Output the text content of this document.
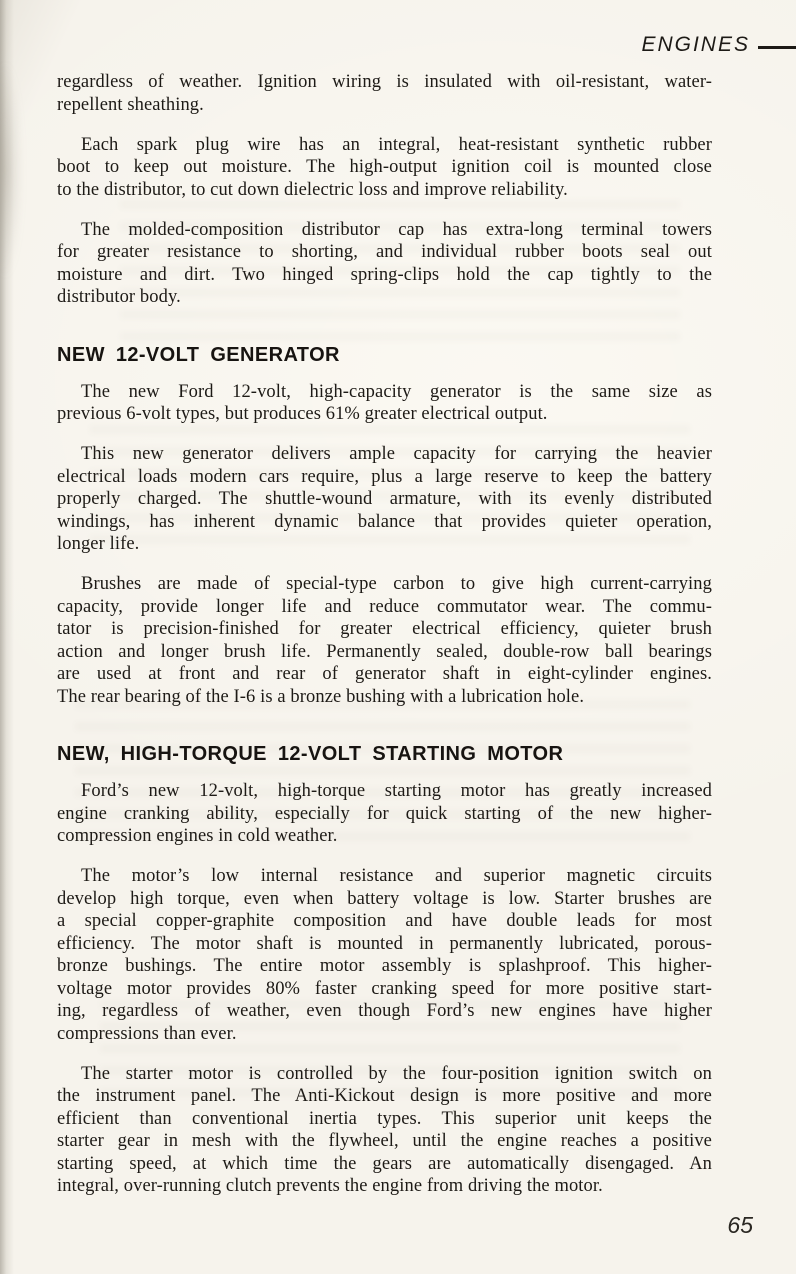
ENGINES
regardless of weather. Ignition wiring is insulated with oil-resistant, water-
repellent sheathing.
Each spark plug wire has an integral, heat-resistant synthetic rubber
boot to keep out moisture. The high-output ignition coil is mounted close
to the distributor, to cut down dielectric loss and improve reliability.
The molded-composition distributor cap has extra-long terminal towers
for greater resistance to shorting, and individual rubber boots seal out
moisture and dirt. Two hinged spring-clips hold the cap tightly to the
distributor body.
NEW 12-VOLT GENERATOR
The new Ford 12-volt, high-capacity generator is the same size as
previous 6-volt types, but produces 61% greater electrical output.
This new generator delivers ample capacity for carrying the heavier
electrical loads modern cars require, plus a large reserve to keep the battery
properly charged. The shuttle-wound armature, with its evenly distributed
windings, has inherent dynamic balance that provides quieter operation,
longer life.
Brushes are made of special-type carbon to give high current-carrying
capacity, provide longer life and reduce commutator wear. The commu-
tator is precision-finished for greater electrical efficiency, quieter brush
action and longer brush life. Permanently sealed, double-row ball bearings
are used at front and rear of generator shaft in eight-cylinder engines.
The rear bearing of the I-6 is a bronze bushing with a lubrication hole.
NEW, HIGH-TORQUE 12-VOLT STARTING MOTOR
Ford’s new 12-volt, high-torque starting motor has greatly increased
engine cranking ability, especially for quick starting of the new higher-
compression engines in cold weather.
The motor’s low internal resistance and superior magnetic circuits
develop high torque, even when battery voltage is low. Starter brushes are
a special copper-graphite composition and have double leads for most
efficiency. The motor shaft is mounted in permanently lubricated, porous-
bronze bushings. The entire motor assembly is splashproof. This higher-
voltage motor provides 80% faster cranking speed for more positive start-
ing, regardless of weather, even though Ford’s new engines have higher
compressions than ever.
The starter motor is controlled by the four-position ignition switch on
the instrument panel. The Anti-Kickout design is more positive and more
efficient than conventional inertia types. This superior unit keeps the
starter gear in mesh with the flywheel, until the engine reaches a positive
starting speed, at which time the gears are automatically disengaged. An
integral, over-running clutch prevents the engine from driving the motor.
65
